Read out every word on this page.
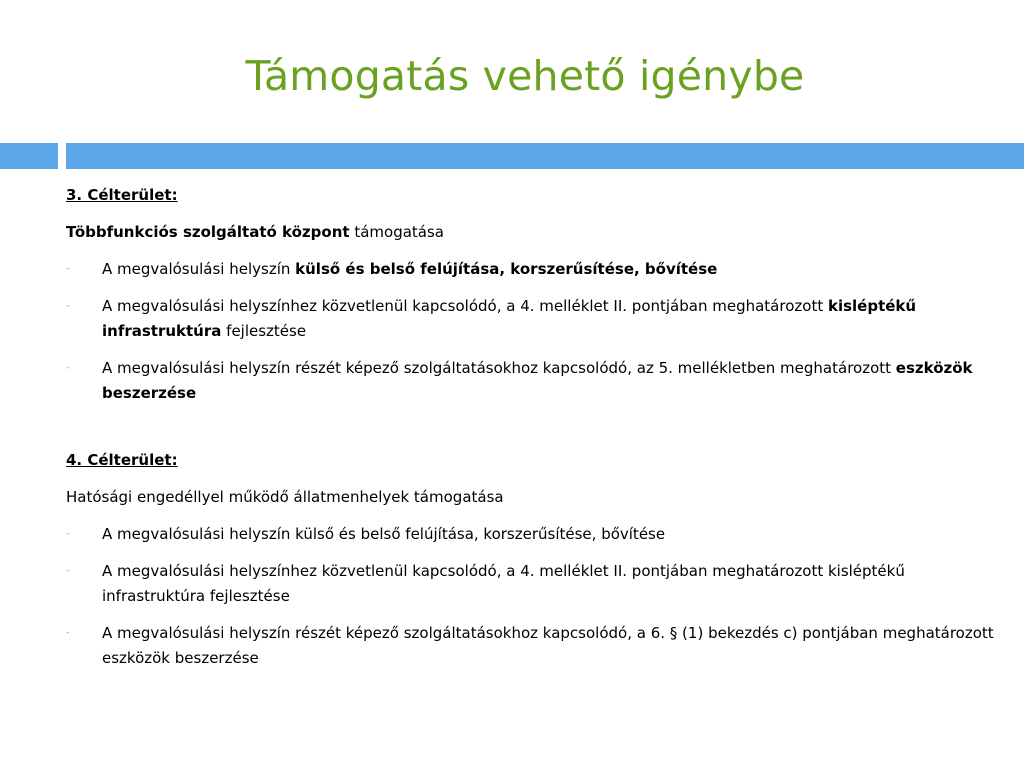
Támogatás vehető igénybe
3. Célterület:
Többfunkciós szolgáltató központ támogatása
- A megvalósulási helyszín külső és belső felújítása, korszerűsítése, bővítése
- A megvalósulási helyszínhez közvetlenül kapcsolódó, a 4. melléklet II. pontjában meghatározott kisléptékű infrastruktúra fejlesztése
- A megvalósulási helyszín részét képező szolgáltatásokhoz kapcsolódó, az 5. mellékletben meghatározott eszközök beszerzése
4. Célterület:
Hatósági engedéllyel működő állatmenhelyek támogatása
- A megvalósulási helyszín külső és belső felújítása, korszerűsítése, bővítése
- A megvalósulási helyszínhez közvetlenül kapcsolódó, a 4. melléklet II. pontjában meghatározott kisléptékű infrastruktúra fejlesztése
- A megvalósulási helyszín részét képező szolgáltatásokhoz kapcsolódó, a 6. § (1) bekezdés c) pontjában meghatározott eszközök beszerzése
